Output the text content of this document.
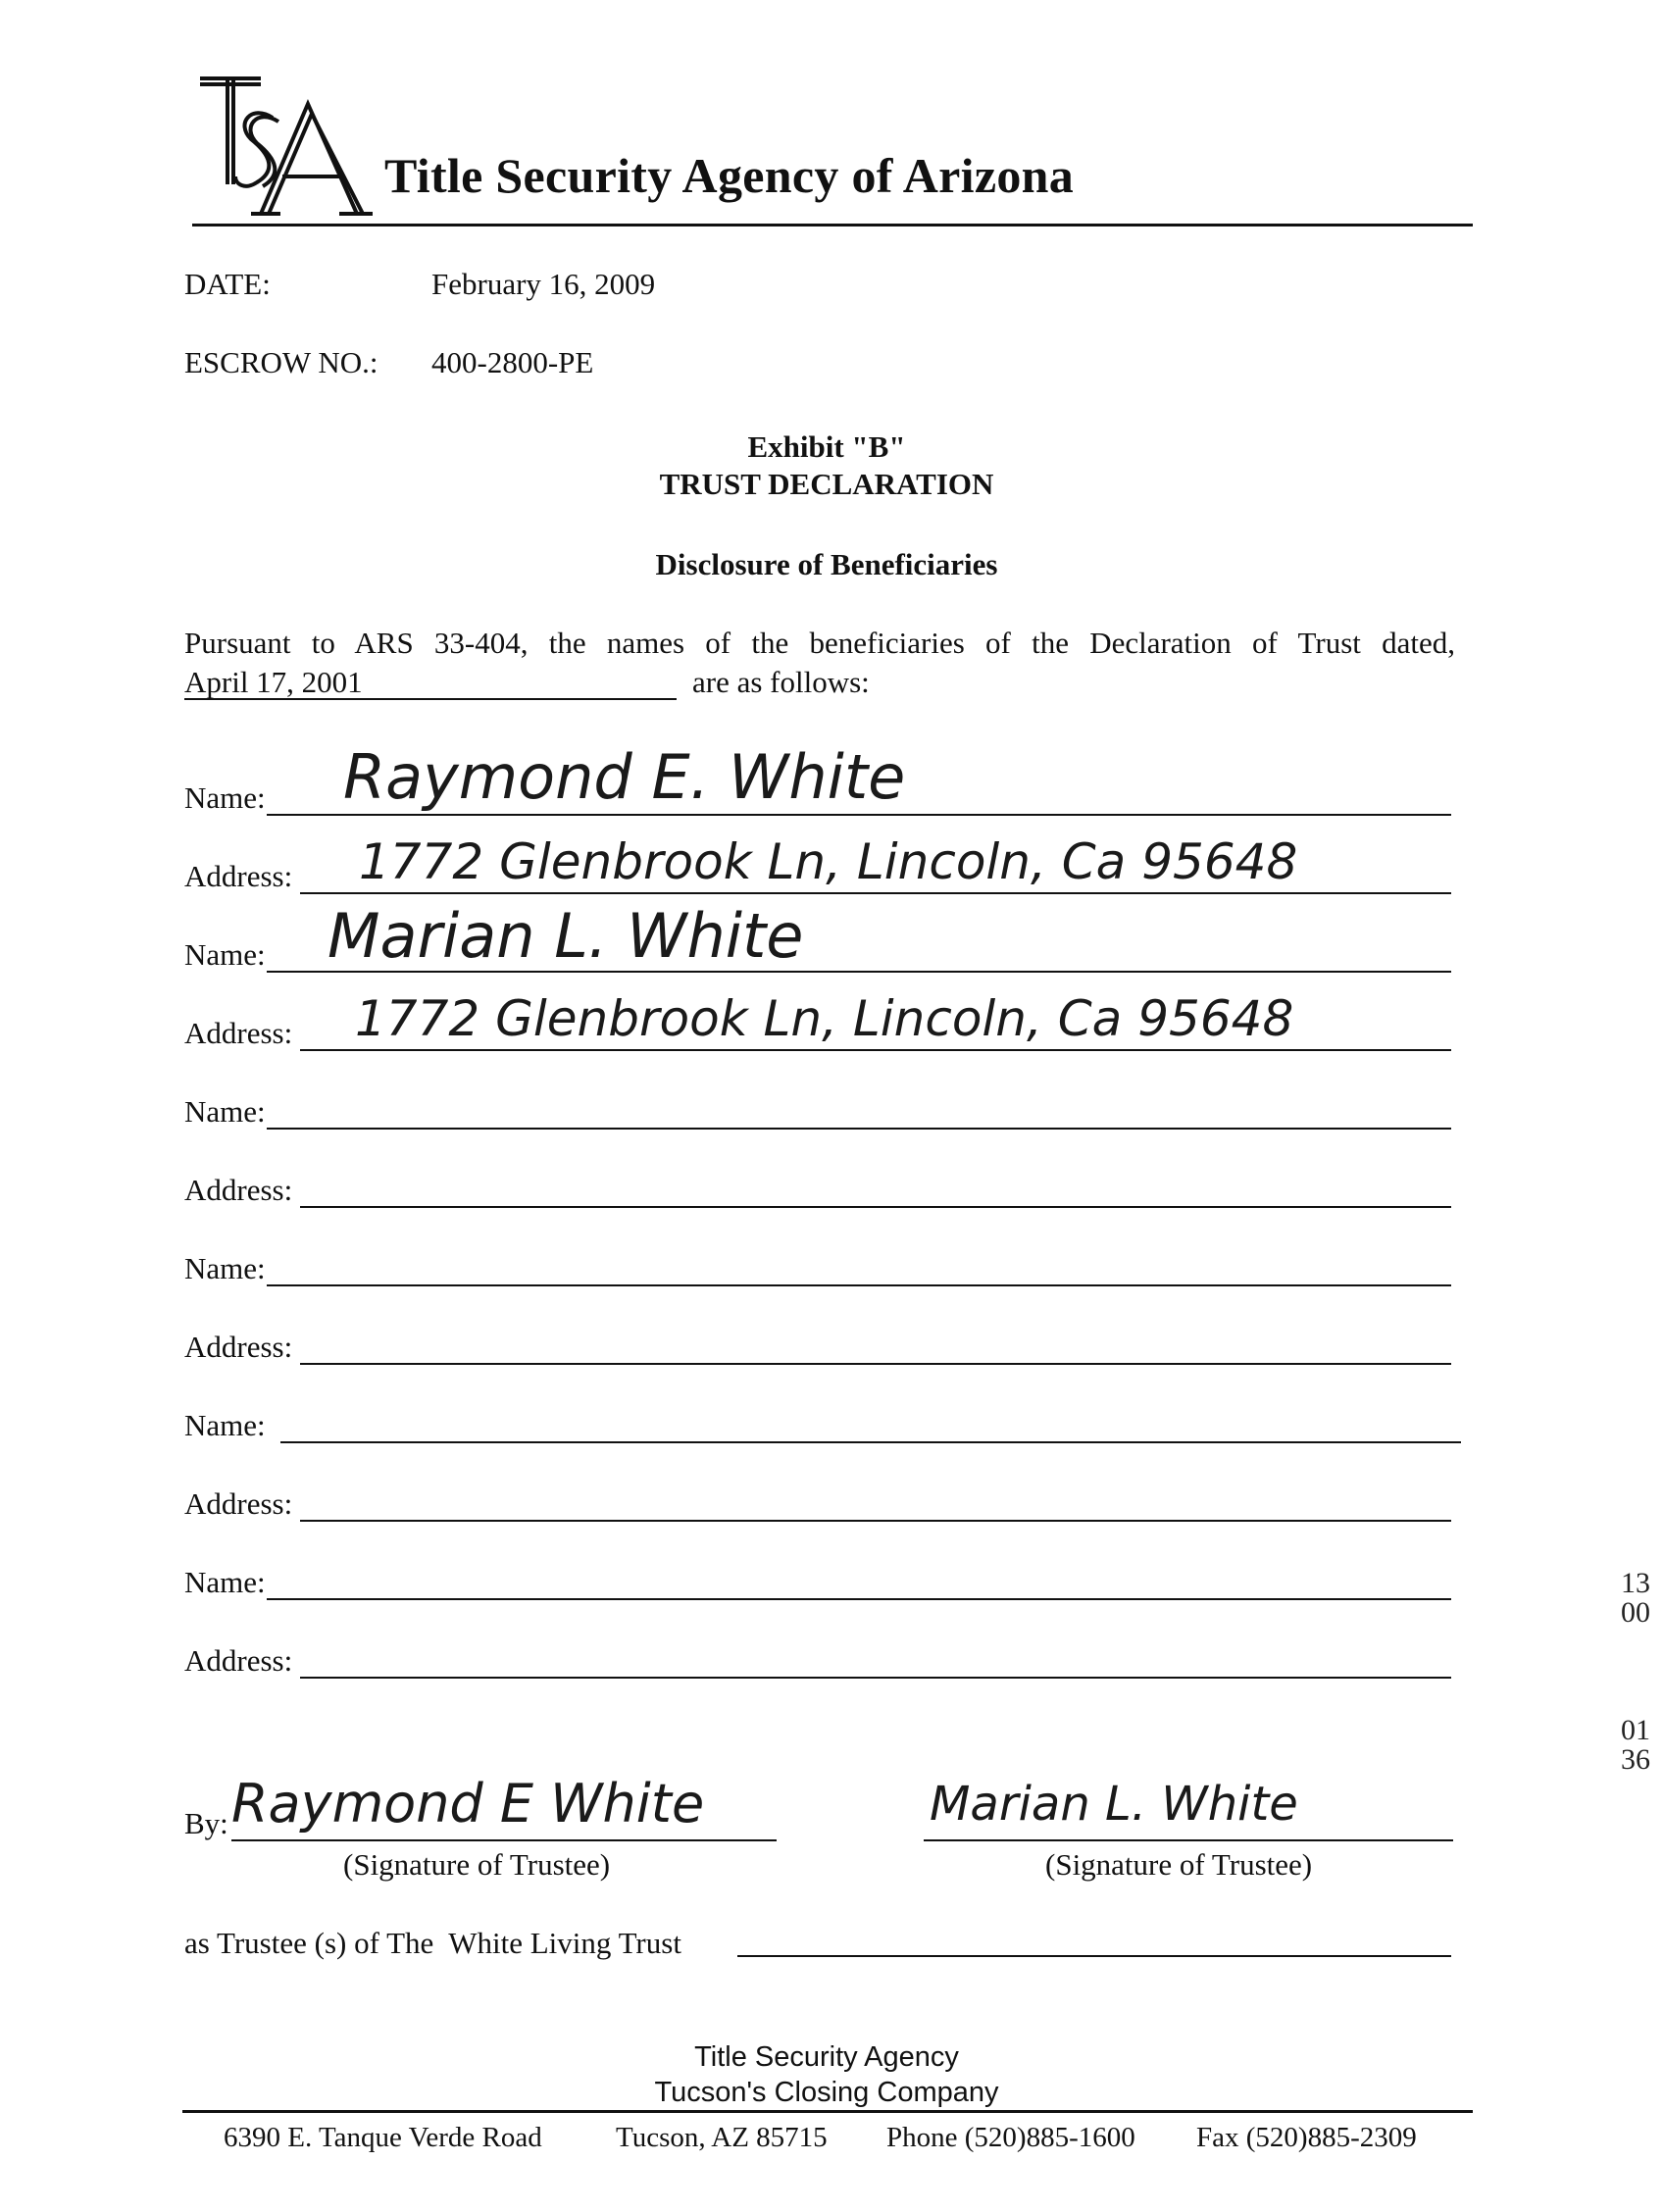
Title Security Agency of Arizona
DATE:	February 16, 2009
ESCROW NO.: 400-2800-PE
Exhibit "B"
TRUST DECLARATION
Disclosure of Beneficiaries
Pursuant to ARS 33-404, the names of the beneficiaries of the Declaration of Trust dated,
April 17, 2001	are as follows:
Name: Raymond E. White
Address: 1772 Glenbrook Ln, Lincoln, Ca 95648
Name: Marian L. White
Address: 1772 Glenbrook Ln, Lincoln, Ca 95648
Name:
Address:
Name:
Address:
Name:
Address:
Name:
Address:
By: Raymond E White
(Signature of Trustee)
Marian L. White
(Signature of Trustee)
as Trustee (s) of The  White Living Trust
1300
0136
Title Security Agency
Tucson's Closing Company
6390 E. Tanque Verde Road	Tucson, AZ 85715 Phone (520)885-1600 Fax (520)885-2309
